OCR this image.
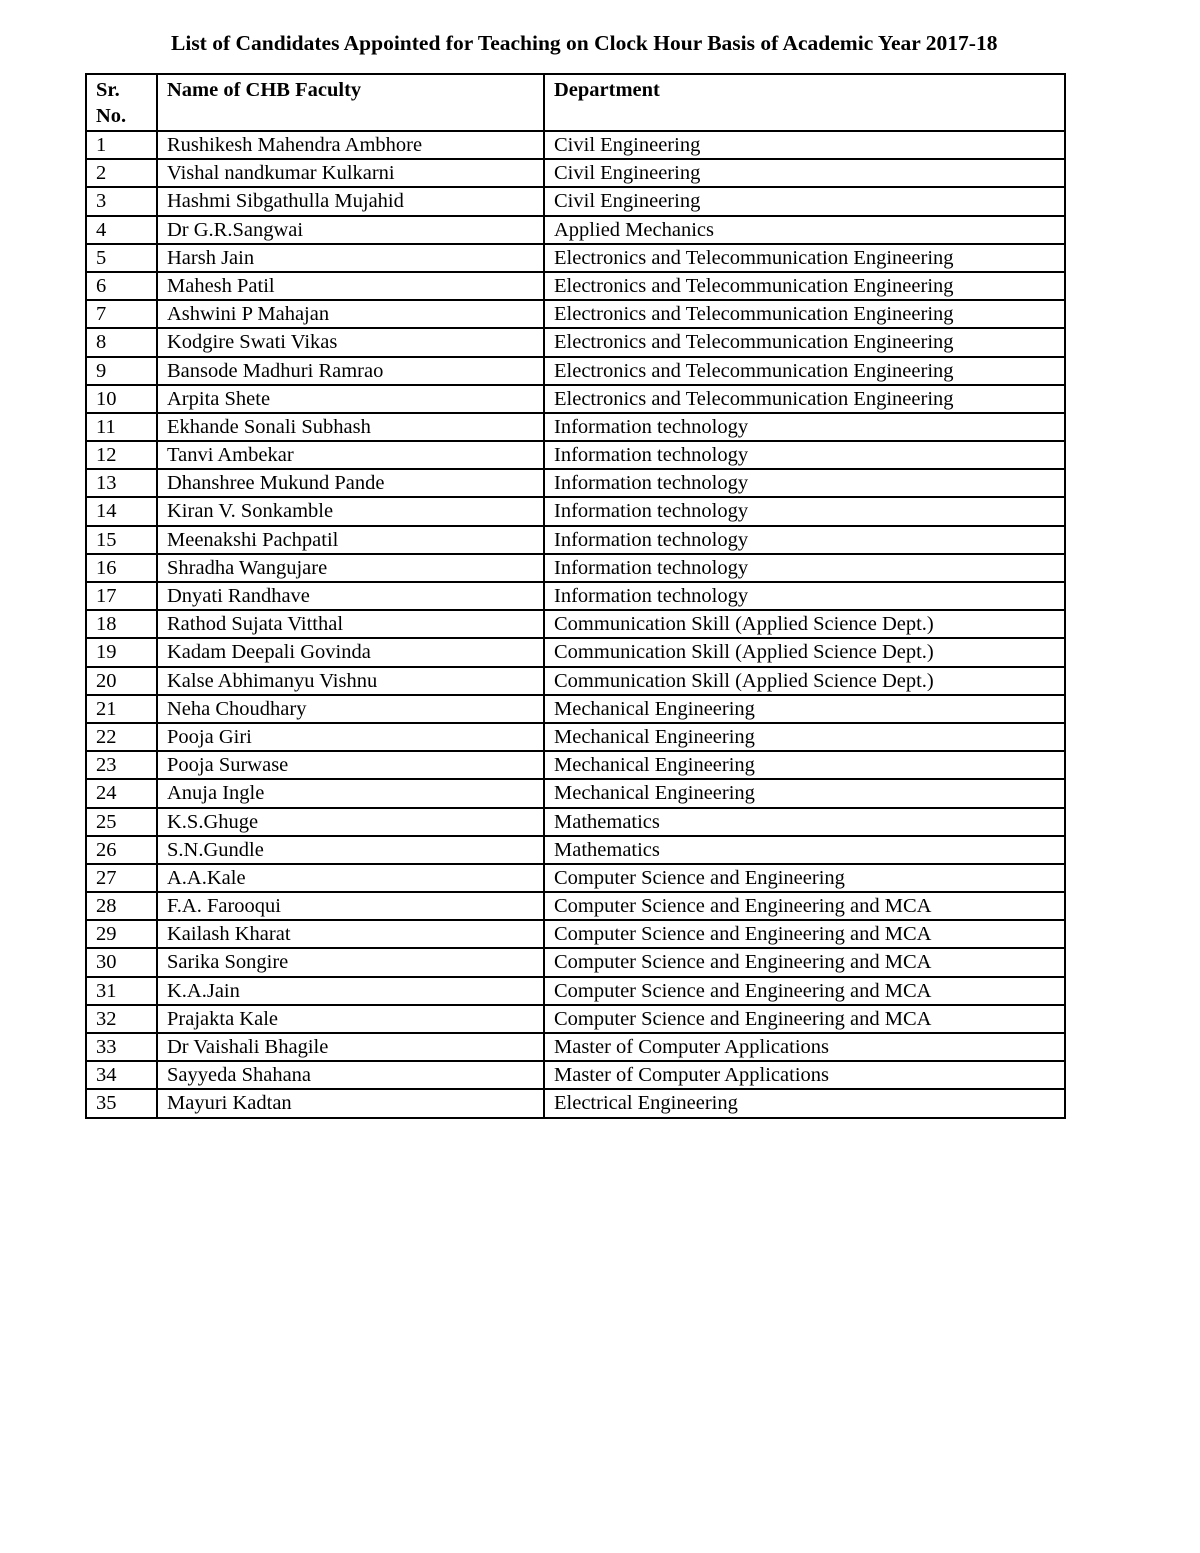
List of Candidates Appointed for Teaching on Clock Hour Basis of Academic Year 2017-18
Sr. No.	Name of CHB Faculty	Department
1	Rushikesh Mahendra Ambhore	Civil Engineering
2	Vishal nandkumar Kulkarni	Civil Engineering
3	Hashmi Sibgathulla Mujahid	Civil Engineering
4	Dr G.R.Sangwai	Applied Mechanics
5	Harsh Jain	Electronics and Telecommunication Engineering
6	Mahesh Patil	Electronics and Telecommunication Engineering
7	Ashwini P Mahajan	Electronics and Telecommunication Engineering
8	Kodgire Swati Vikas	Electronics and Telecommunication Engineering
9	Bansode Madhuri Ramrao	Electronics and Telecommunication Engineering
10	Arpita Shete	Electronics and Telecommunication Engineering
11	Ekhande Sonali Subhash	Information technology
12	Tanvi Ambekar	Information technology
13	Dhanshree Mukund Pande	Information technology
14	Kiran V. Sonkamble	Information technology
15	Meenakshi Pachpatil	Information technology
16	Shradha Wangujare	Information technology
17	Dnyati Randhave	Information technology
18	Rathod Sujata Vitthal	Communication Skill (Applied Science Dept.)
19	Kadam Deepali Govinda	Communication Skill (Applied Science Dept.)
20	Kalse Abhimanyu Vishnu	Communication Skill (Applied Science Dept.)
21	Neha Choudhary	Mechanical Engineering
22	Pooja Giri	Mechanical Engineering
23	Pooja Surwase	Mechanical Engineering
24	Anuja Ingle	Mechanical Engineering
25	K.S.Ghuge	Mathematics
26	S.N.Gundle	Mathematics
27	A.A.Kale	Computer Science and Engineering
28	F.A. Farooqui	Computer Science and Engineering and MCA
29	Kailash Kharat	Computer Science and Engineering and MCA
30	Sarika Songire	Computer Science and Engineering and MCA
31	K.A.Jain	Computer Science and Engineering and MCA
32	Prajakta Kale	Computer Science and Engineering and MCA
33	Dr Vaishali Bhagile	Master of Computer Applications
34	Sayyeda Shahana	Master of Computer Applications
35	Mayuri Kadtan	Electrical Engineering
